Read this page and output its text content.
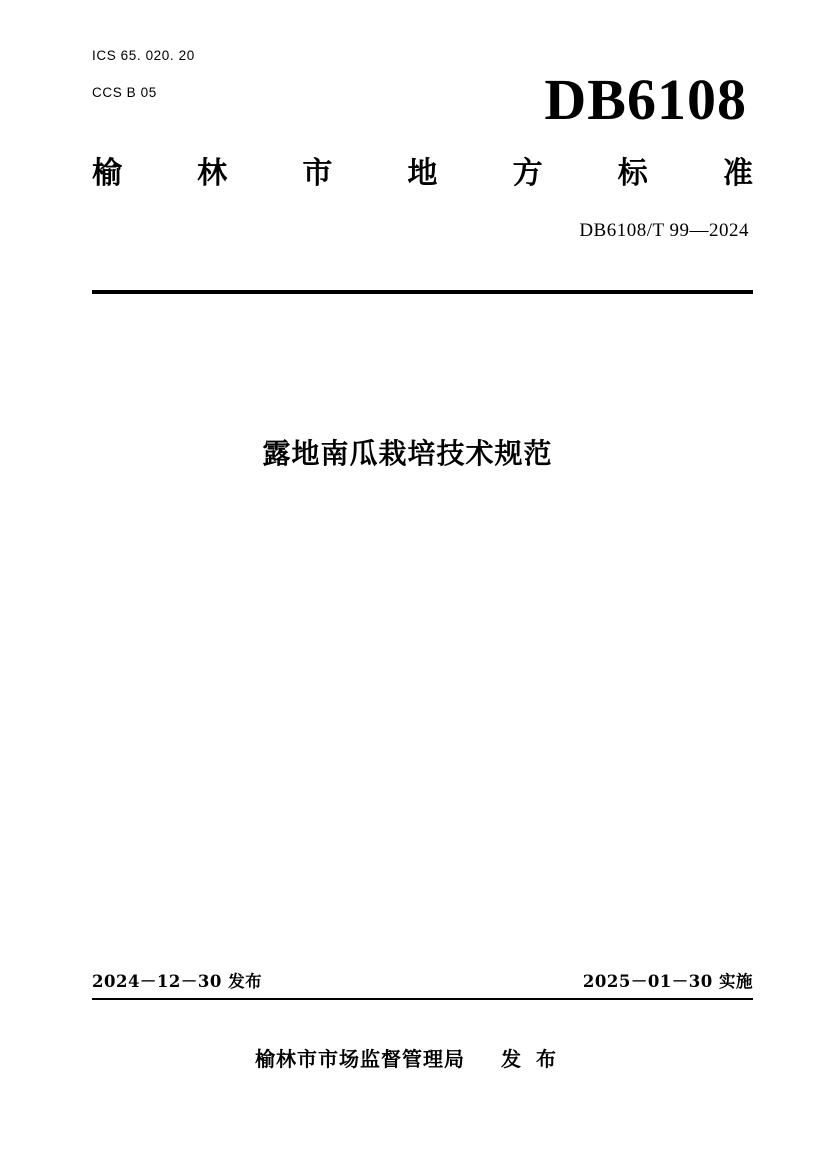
ICS 65. 020. 20
CCS B 05	DB6108
榆	林	市	地	方	标	准
DB6108/T 99—2024
露地南瓜栽培技术规范
2024－12－30 发布	2025－01－30 实施
榆林市市场监督管理局 发 布
